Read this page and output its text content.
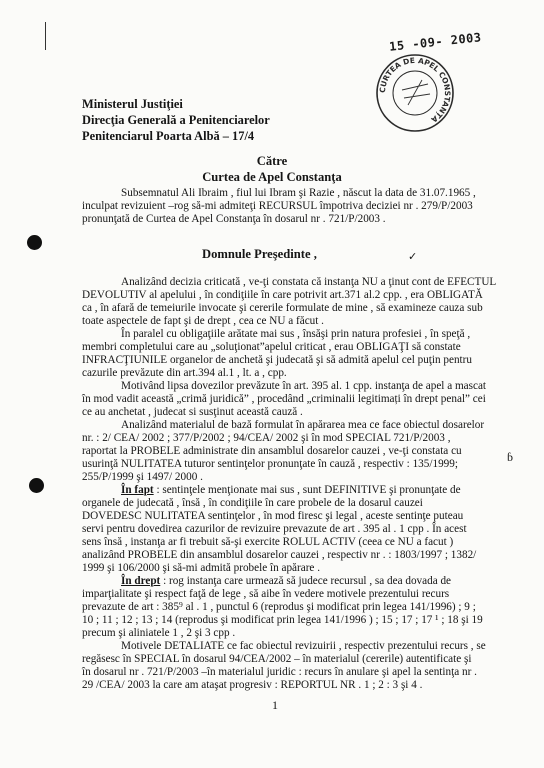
15 -09- 2003
CURTEA DE APEL CONSTANȚA
Ministerul Justiţiei
Direcţia Generală a Penitenciarelor
Penitenciarul Poarta Albă – 17/4
Către
Curtea de Apel Constanţa
Subsemnatul Ali Ibraim , fiul lui Ibram şi Razie , născut la data de 31.07.1965 ,
inculpat revizuient –rog să-mi admiteţi RECURSUL împotriva deciziei nr . 279/P/2003
pronunţată de Curtea de Apel Constanţa în dosarul nr . 721/P/2003 .
Domnule Preşedinte ,	✓
Analizând decizia criticată , ve-ţi constata că instanţa NU a ţinut cont de EFECTUL
DEVOLUTIV al apelului , în condiţiile în care potrivit art.371 al.2 cpp. , era OBLIGATĂ
ca , în afară de temeiurile invocate şi cererile formulate de mine , să examineze cauza sub
toate aspectele de fapt şi de drept , cea ce NU a făcut .
În paralel cu obligaţiile arătate mai sus , însăşi prin natura profesiei , în speţă ,
membri completului care au „soluţionat”apelul criticat , erau OBLIGAŢI să constate
INFRACŢIUNILE organelor de anchetă şi judecată şi să admită apelul cel puţin pentru
cazurile prevăzute din art.394 al.1 , lt. a , cpp.
Motivând lipsa dovezilor prevăzute în art. 395 al. 1 cpp. instanţa de apel a mascat
în mod vadit această „crimă juridică” , procedând „criminalii legitimați în drept penal” cei
ce au anchetat , judecat si susţinut această cauză .
Analizând materialul de bază formulat în apărarea mea ce face obiectul dosarelor
nr. : 2/ CEA/ 2002 ; 377/P/2002 ; 94/CEA/ 2002 şi în mod SPECIAL 721/P/2003 ,
raportat la PROBELE administrate din ansamblul dosarelor cauzei , ve-ţi constata cu
usurinţă NULITATEA tuturor sentinţelor pronunţate în cauză , respectiv : 135/1999;
255/P/1999 şi 1497/ 2000 .
ɓ
În fapt : sentinţele menţionate mai sus , sunt DEFINITIVE şi pronunţate de
organele de judecată , însă , în condiţiile în care probele de la dosarul cauzei
DOVEDESC NULITATEA sentinţelor , în mod firesc şi legal , aceste sentinţe puteau
servi pentru dovedirea cazurilor de revizuire prevazute de art . 395 al . 1 cpp . În acest
sens însă , instanţa ar fi trebuit să-şi exercite ROLUL ACTIV (ceea ce NU a facut )
analizând PROBELE din ansamblul dosarelor cauzei , respectiv nr . : 1803/1997 ; 1382/
1999 şi 106/2000 şi să-mi admită probele în apărare .
În drept : rog instanţa care urmează să judece recursul , sa dea dovada de
imparţialitate şi respect faţă de lege , să aibe în vedere motivele prezentului recurs
prevazute de art : 385⁹ al . 1 , punctul 6 (reprodus şi modificat prin legea 141/1996) ; 9 ;
10 ; 11 ; 12 ; 13 ; 14 (reprodus şi modificat prin legea 141/1996 ) ; 15 ; 17 ; 17 ¹ ; 18 şi 19
precum şi aliniatele 1 , 2 şi 3 cpp .
Motivele DETALIATE ce fac obiectul revizuirii , respectiv prezentului recurs , se
regăsesc în SPECIAL în dosarul 94/CEA/2002 – în materialul (cererile) autentificate şi
în dosarul nr . 721/P/2003 –în materialul juridic : recurs în anulare şi apel la sentinţa nr .
29 /CEA/ 2003 la care am ataşat progresiv : REPORTUL NR . 1 ; 2 : 3 şi 4 .
1
